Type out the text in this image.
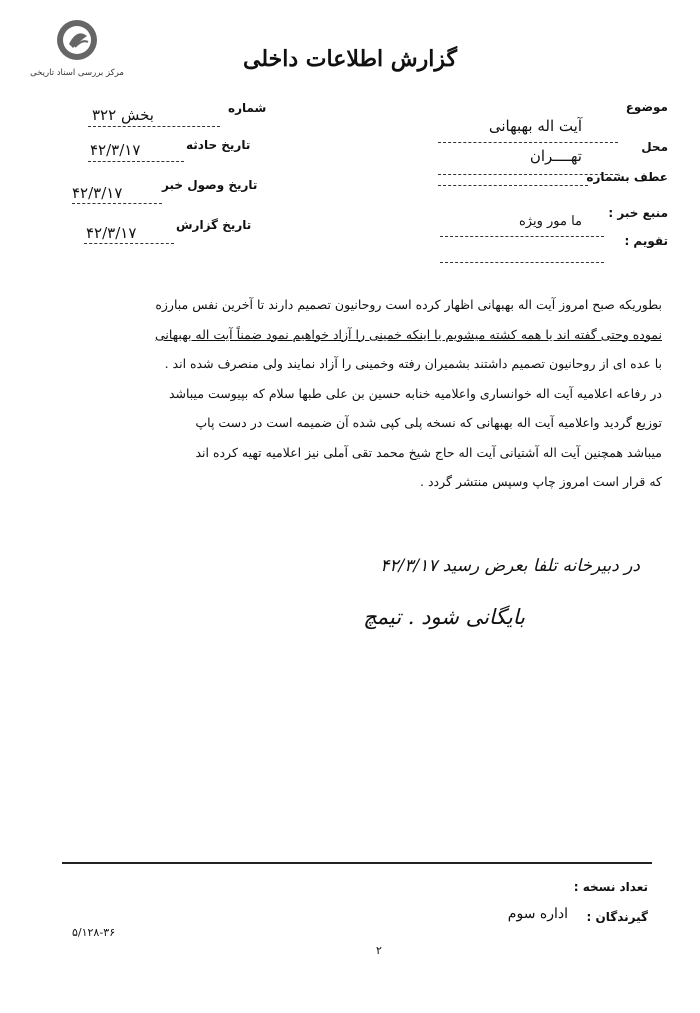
مرکز بررسی اسناد تاریخی
گزارش اطلاعات داخلی
موضوع
آیت اله بهبهانی
محل
تهــــران
عطف بشماره
منبع خبر :
ما مور ویژه
تقویم :
شماره
بخش ۳۲۲
تاریخ حادثه
۴۲/۳/۱۷
تاریخ وصول خبر
۴۲/۳/۱۷
تاریخ گزارش
۴۲/۳/۱۷
بطوریکه صبح امروز آیت اله بهبهانی اظهار کرده است روحانیون تصمیم دارند تا آخرین نفس مبارزه
نموده وحتی گفته اند یا همه کشته میشویم یا اینکه خمینی را آزاد خواهیم نمود ضمناً آیت اله بهبهانی
با عده ای از روحانیون تصمیم داشتند بشمیران رفته وخمینی را آزاد نمایند ولی منصرف شده اند .
در رفاعه اعلامیه آیت اله خوانساری واعلامیه خنابه حسین بن علی طبها سلام که بپیوست میباشد
توزیع گردید واعلامیه آیت اله بهبهانی که نسخه پلی کپی شده آن ضمیمه است در دست پاپ
میباشد همچنین آیت اله آشتیانی آیت اله حاج شیخ محمد تقی آملی نیز اعلامیه تهیه کرده اند
که قرار است امروز چاپ وسپس منتشر گردد .
در دبیرخانه تلفا بعرض رسید ۴۲/۳/۱۷
بایگانی شود . تیمچ
تعداد نسخه :
گیرندگان :
اداره سوم
۵/۱۲۸-۳۶
۲
